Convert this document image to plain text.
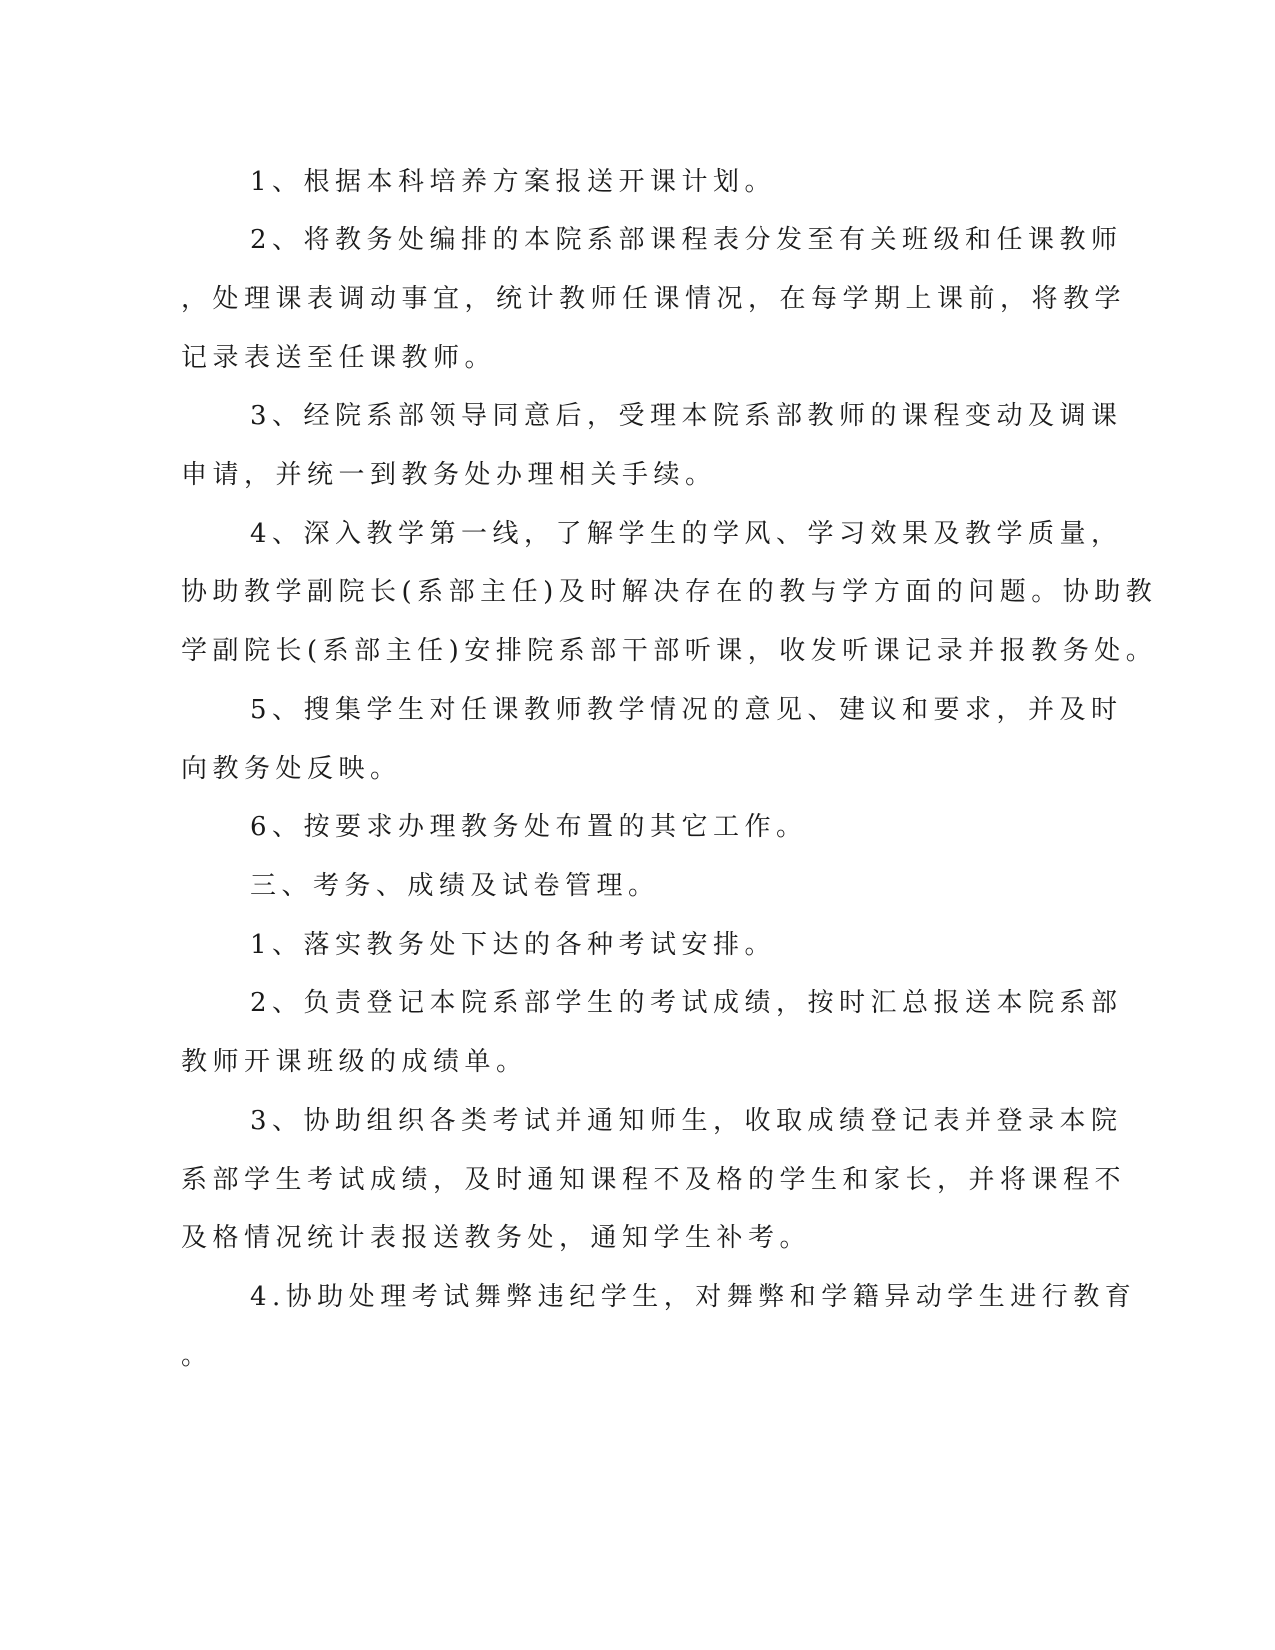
1、根据本科培养方案报送开课计划。
2、将教务处编排的本院系部课程表分发至有关班级和任课教师
，处理课表调动事宜，统计教师任课情况，在每学期上课前，将教学
记录表送至任课教师。
3、经院系部领导同意后，受理本院系部教师的课程变动及调课
申请，并统一到教务处办理相关手续。
4、深入教学第一线，了解学生的学风、学习效果及教学质量，
协助教学副院长(系部主任)及时解决存在的教与学方面的问题。协助教
学副院长(系部主任)安排院系部干部听课，收发听课记录并报教务处。
5、搜集学生对任课教师教学情况的意见、建议和要求，并及时
向教务处反映。
6、按要求办理教务处布置的其它工作。
三、考务、成绩及试卷管理。
1、落实教务处下达的各种考试安排。
2、负责登记本院系部学生的考试成绩，按时汇总报送本院系部
教师开课班级的成绩单。
3、协助组织各类考试并通知师生，收取成绩登记表并登录本院
系部学生考试成绩，及时通知课程不及格的学生和家长，并将课程不
及格情况统计表报送教务处，通知学生补考。
4.协助处理考试舞弊违纪学生，对舞弊和学籍异动学生进行教育
。
